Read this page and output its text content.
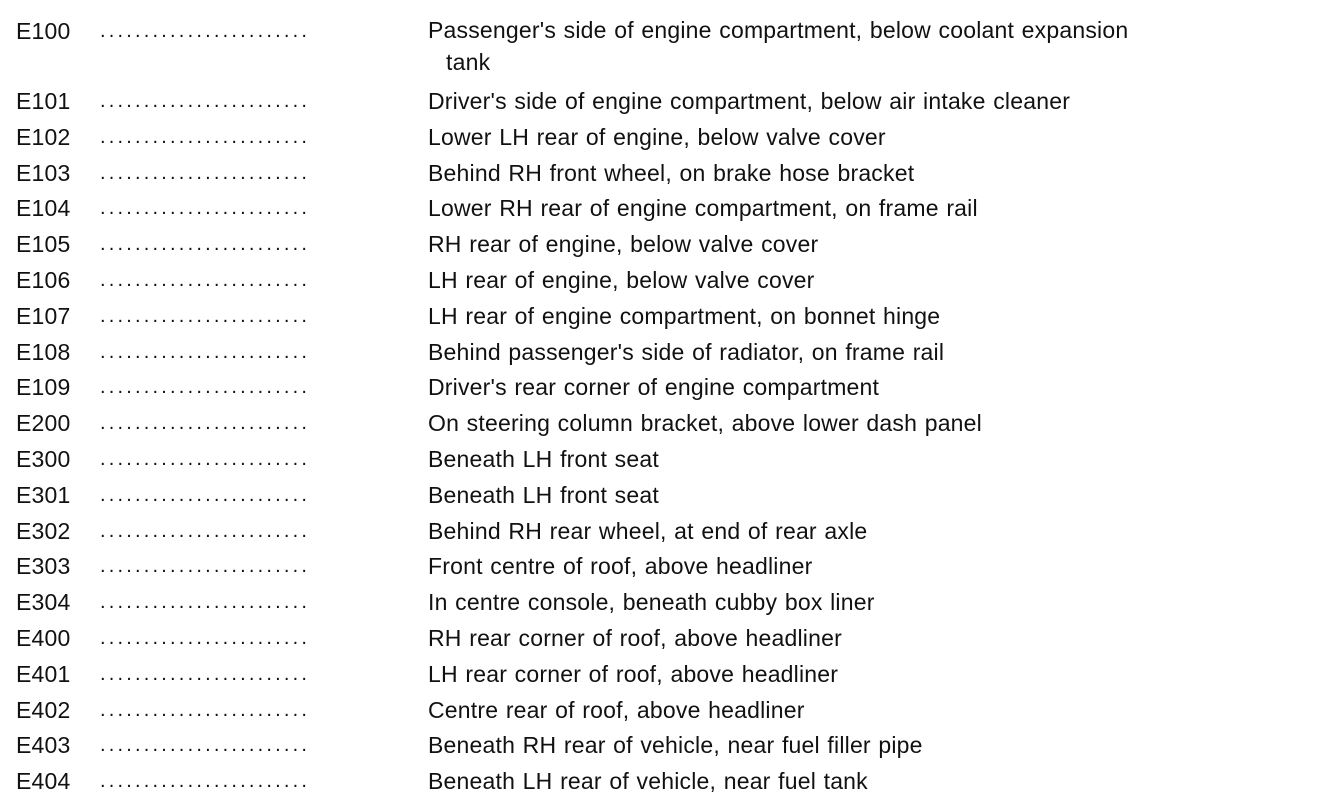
E100	........................	Passenger's side of engine compartment, below coolant expansion
tank
E101	........................	Driver's side of engine compartment, below air intake cleaner
E102	........................	Lower LH rear of engine, below valve cover
E103	........................	Behind RH front wheel, on brake hose bracket
E104	........................	Lower RH rear of engine compartment, on frame rail
E105	........................	RH rear of engine, below valve cover
E106	........................	LH rear of engine, below valve cover
E107	........................	LH rear of engine compartment, on bonnet hinge
E108	........................	Behind passenger's side of radiator, on frame rail
E109	........................	Driver's rear corner of engine compartment
E200	........................	On steering column bracket, above lower dash panel
E300	........................	Beneath LH front seat
E301	........................	Beneath LH front seat
E302	........................	Behind RH rear wheel, at end of rear axle
E303	........................	Front centre of roof, above headliner
E304	........................	In centre console, beneath cubby box liner
E400	........................	RH rear corner of roof, above headliner
E401	........................	LH rear corner of roof, above headliner
E402	........................	Centre rear of roof, above headliner
E403	........................	Beneath RH rear of vehicle, near fuel filler pipe
E404	........................	Beneath LH rear of vehicle, near fuel tank
